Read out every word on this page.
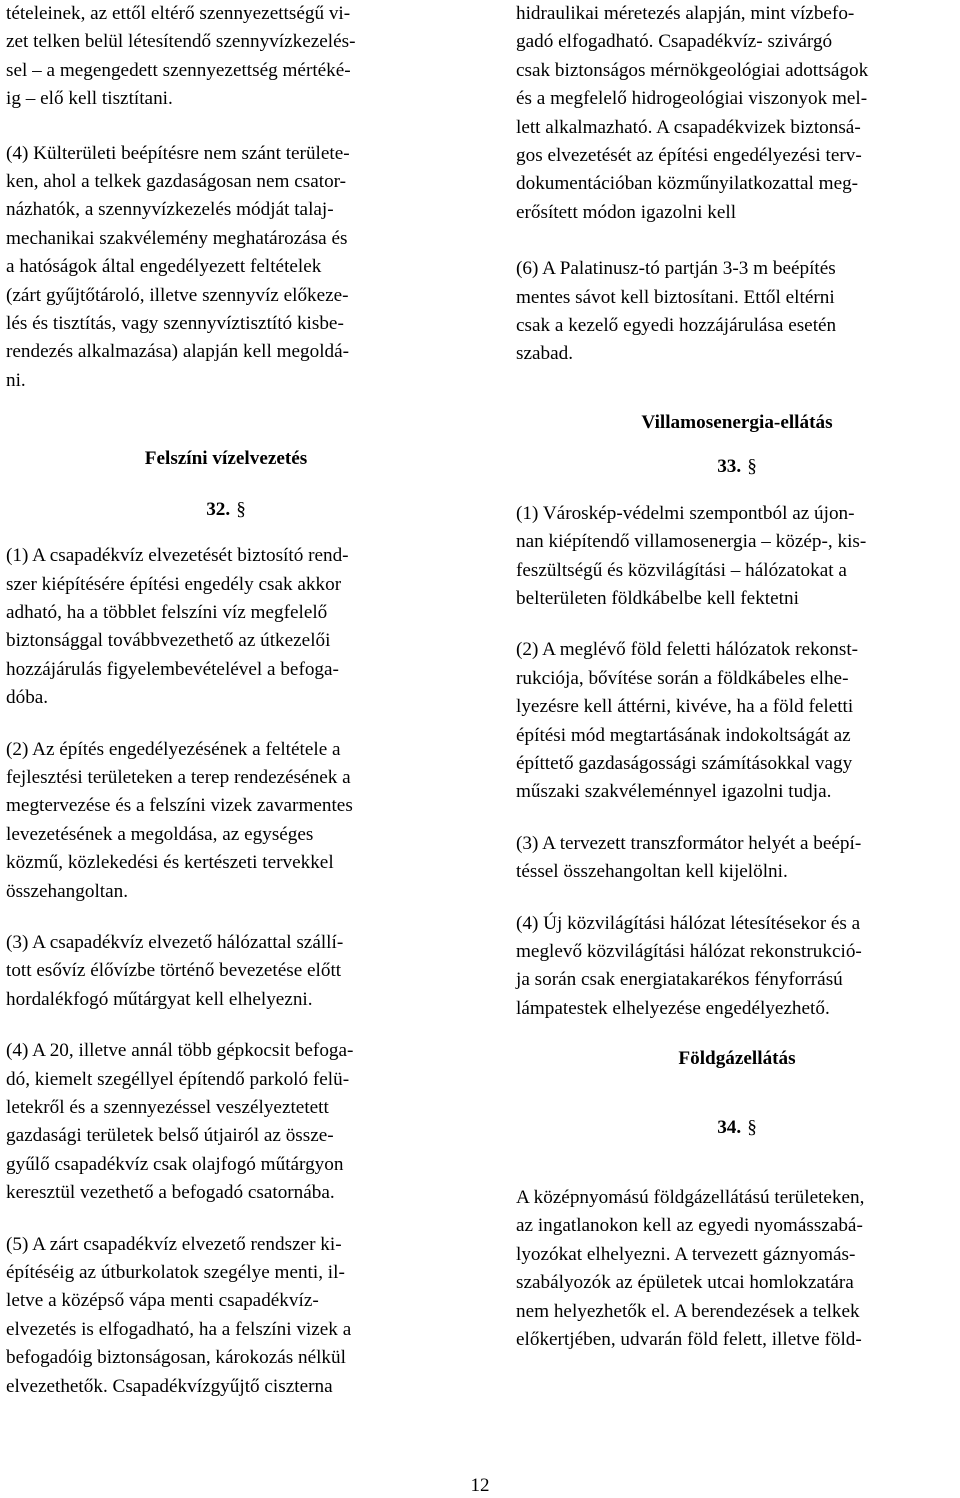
tételeinek, az ettől eltérő szennyezettségű vi-
zet telken belül létesítendő szennyvízkezelés-
sel – a megengedett szennyezettség mértéké-
ig – elő kell tisztítani.
(4) Külterületi beépítésre nem szánt területe-
ken, ahol a telkek gazdaságosan nem csator-
názhatók, a szennyvízkezelés módját talaj-
mechanikai szakvélemény meghatározása és
a hatóságok által engedélyezett feltételek
(zárt gyűjtőtároló, illetve szennyvíz előkeze-
lés és tisztítás, vagy szennyvíztisztító kisbe-
rendezés alkalmazása) alapján kell megoldá-
ni.

Felszíni vízelvezetés

32. §

(1) A csapadékvíz elvezetését biztosító rend-
szer kiépítésére építési engedély csak akkor
adható, ha a többlet felszíni víz megfelelő
biztonsággal továbbvezethető az útkezelői
hozzájárulás figyelembevételével a befoga-
dóba.
(2) Az építés engedélyezésének a feltétele a
fejlesztési területeken a terep rendezésének a
megtervezése és a felszíni vizek zavarmentes
levezetésének a megoldása, az egységes
közmű, közlekedési és kertészeti tervekkel
összehangoltan.
(3) A csapadékvíz elvezető hálózattal szállí-
tott esővíz élővízbe történő bevezetése előtt
hordalékfogó műtárgyat kell elhelyezni.
(4) A 20, illetve annál több gépkocsit befoga-
dó, kiemelt szegéllyel építendő parkoló felü-
letekről és a szennyezéssel veszélyeztetett
gazdasági területek belső útjairól az összе-
gyűlő csapadékvíz csak olajfogó műtárgyon
keresztül vezethető a befogadó csatornába.
(5) A zárt csapadékvíz elvezető rendszer ki-
építéséig az útburkolatok szegélye menti, il-
letve a középső vápa menti csapadékvíz-
elvezetés is elfogadható, ha a felszíni vizek a
befogadóig biztonságosan, károkozás nélkül
elvezethetők. Csapadékvízgyűjtő ciszterna
hidraulikai méretezés alapján, mint vízbefo-
gadó elfogadható. Csapadékvíz- szivárgó
csak biztonságos mérnökgeológiai adottságok
és a megfelelő hidrogeológiai viszonyok mel-
lett alkalmazható. A csapadékvizek biztonsá-
gos elvezetését az építési engedélyezési terv-
dokumentációban közműnyilatkozattal meg-
erősített módon igazolni kell
(6) A Palatinusz-tó partján 3-3 m beépítés
mentes sávot kell biztosítani. Ettől eltérni
csak a kezelő egyedi hozzájárulása esetén
szabad.

Villamosenergia-ellátás

33. §

(1) Városkép-védelmi szempontból az újon-
nan kiépítendő villamosenergia – közép-, kis-
feszültségű és közvilágítási – hálózatokat a
belterületen földkábelbe kell fektetni
(2) A meglévő föld feletti hálózatok rekonst-
rukciója, bővítése során a földkábeles elhe-
lyezésre kell áttérni, kivéve, ha a föld feletti
építési mód megtartásának indokoltságát az
építtető gazdaságossági számításokkal vagy
műszaki szakvéleménnyel igazolni tudja.
(3) A tervezett transzformátor helyét a beépí-
téssel összehangoltan kell kijelölni.
(4) Új közvilágítási hálózat létesítésekor és a
meglevő közvilágítási hálózat rekonstrukció-
ja során csak energiatakarékos fényforrású
lámpatestek elhelyezése engedélyezhető.

Földgázellátás

34. §

A középnyomású földgázellátású területeken,
az ingatlanokon kell az egyedi nyomásszabá-
lyozókat elhelyezni. A tervezett gáznyomás-
szabályozók az épületek utcai homlokzatára
nem helyezhetők el. A berendezések a telkek
előkertjében, udvarán föld felett, illetve föld-
12
